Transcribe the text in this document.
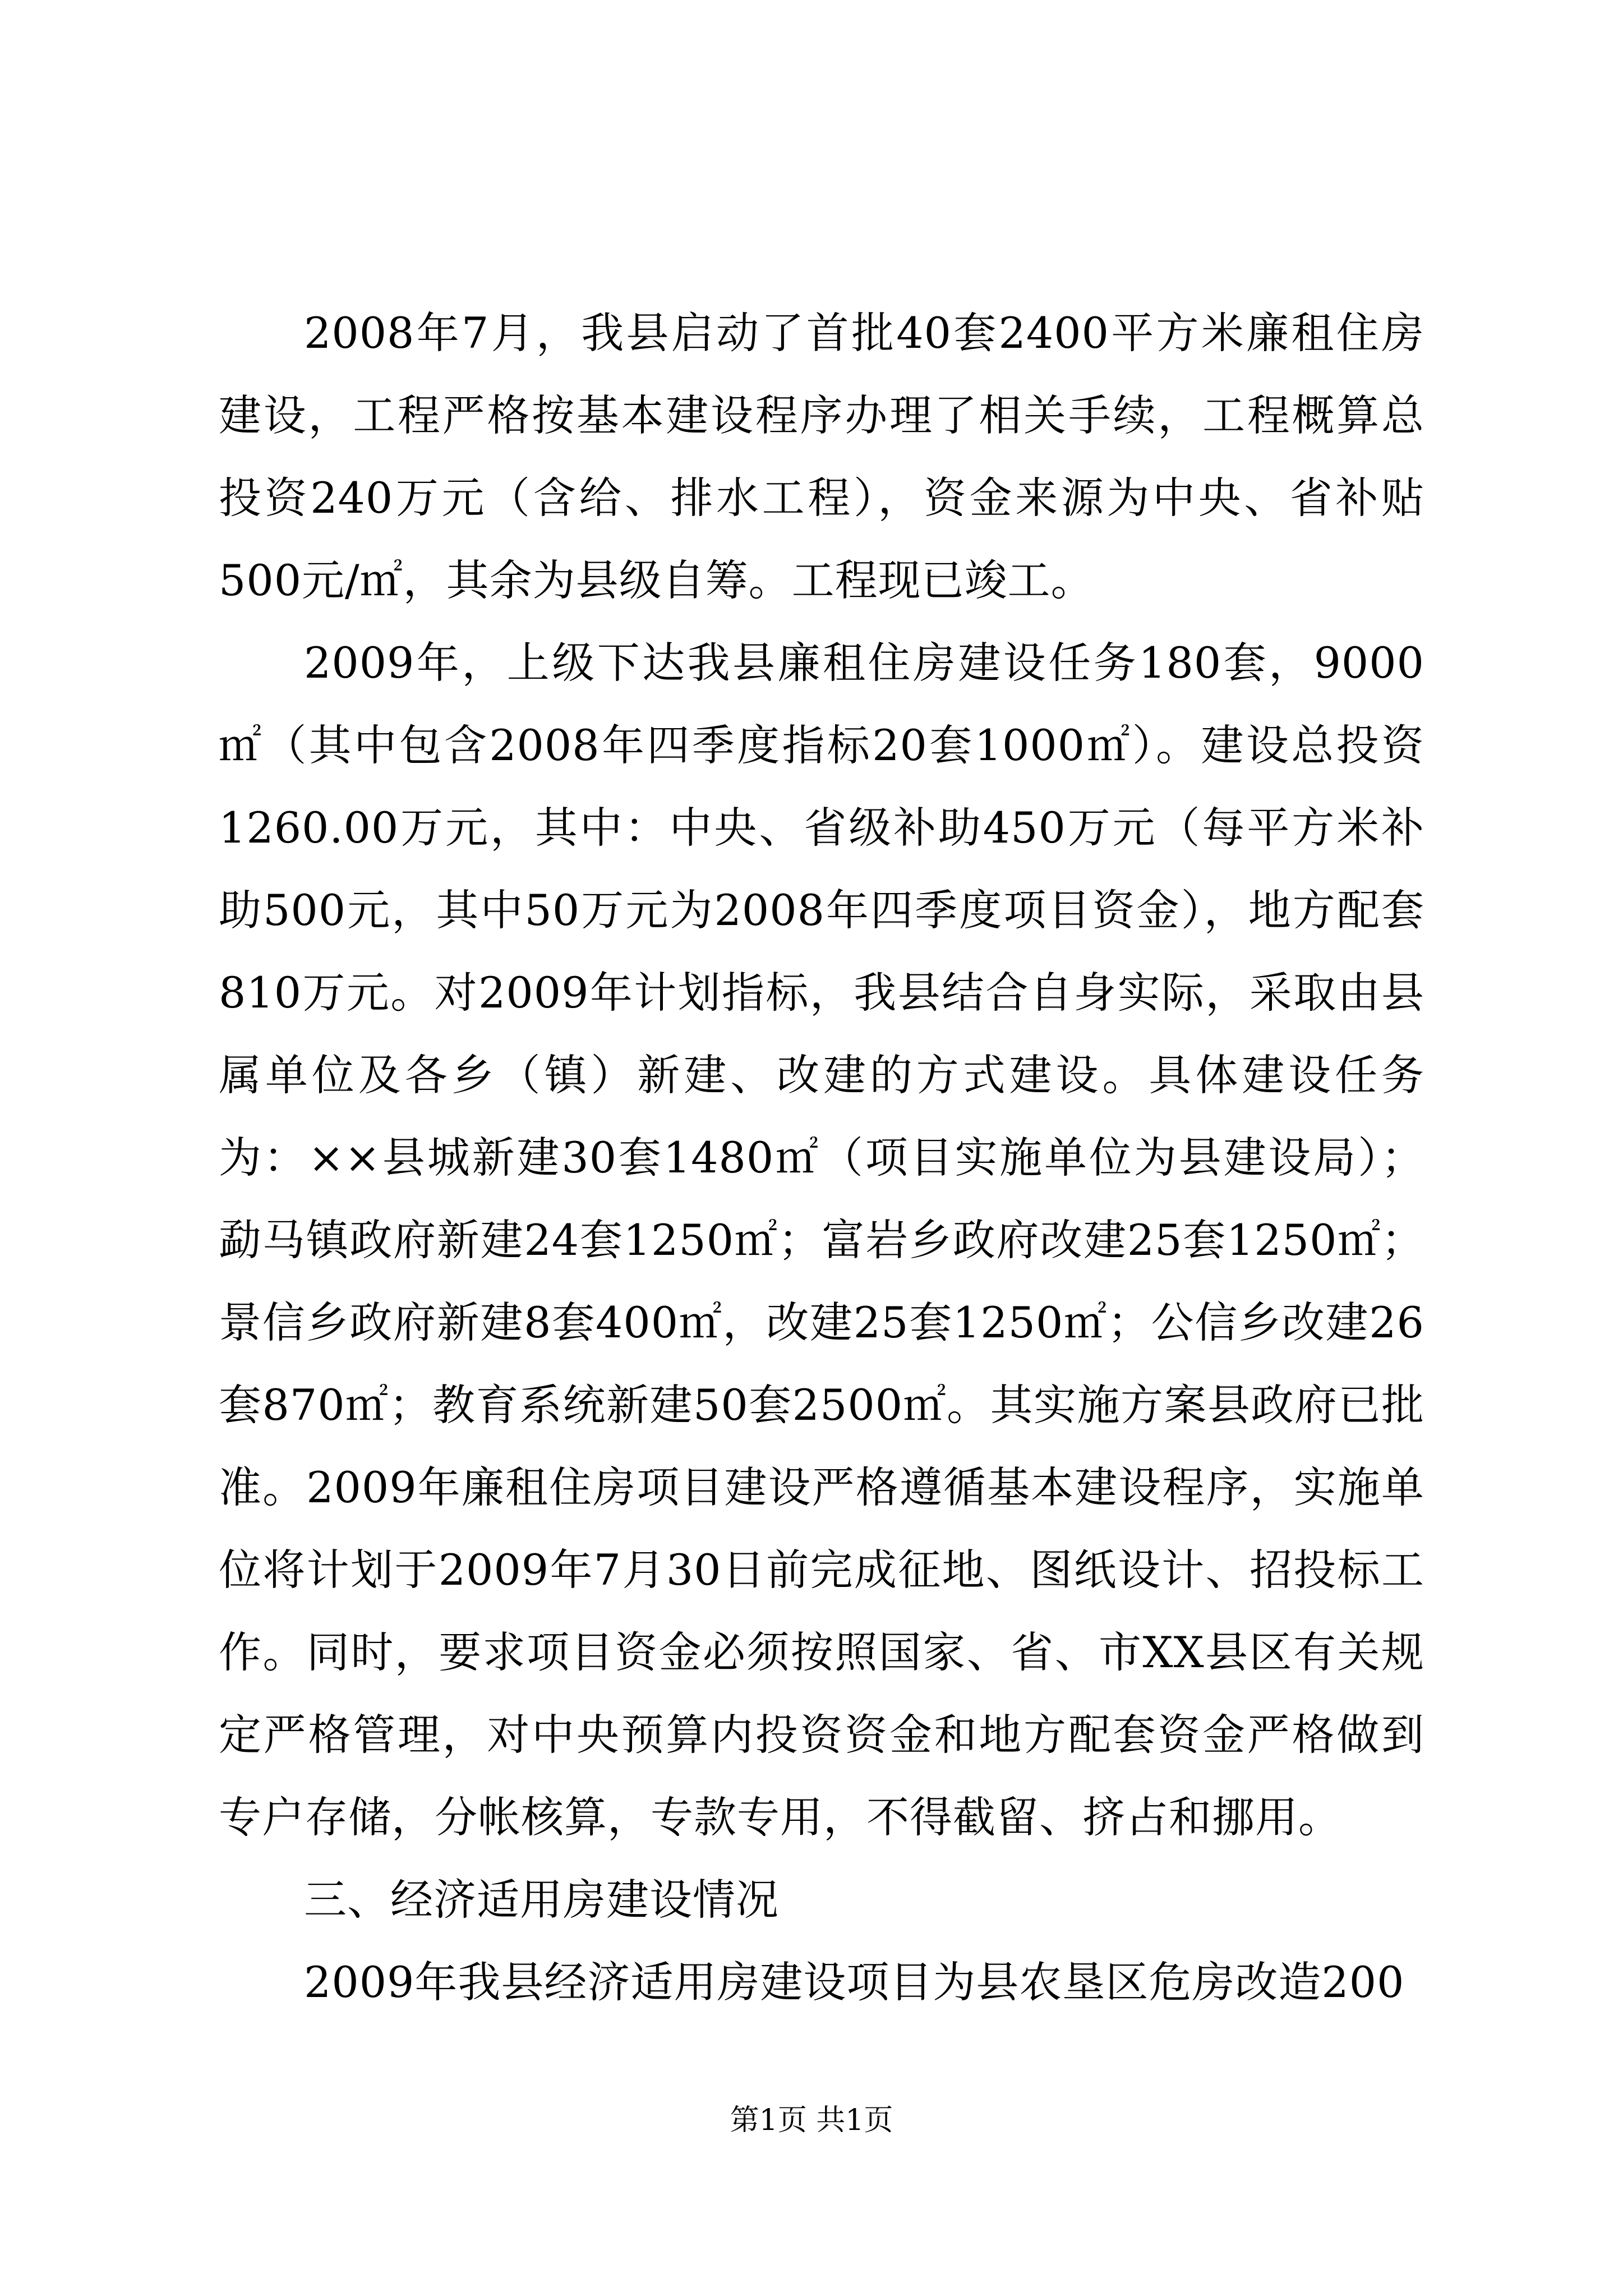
2008年7月，我县启动了首批40套2400平方米廉租住房建设，工程严格按基本建设程序办理了相关手续，工程概算总投资240万元（含给、排水工程），资金来源为中央、省补贴500元/㎡，其余为县级自筹。工程现已竣工。

2009年，上级下达我县廉租住房建设任务180套，9000㎡（其中包含2008年四季度指标20套1000㎡）。建设总投资1260.00万元，其中：中央、省级补助450万元（每平方米补助500元，其中50万元为2008年四季度项目资金），地方配套810万元。对2009年计划指标，我县结合自身实际，采取由县属单位及各乡（镇）新建、改建的方式建设。具体建设任务为：××县城新建30套1480㎡（项目实施单位为县建设局）；勐马镇政府新建24套1250㎡；富岩乡政府改建25套1250㎡；景信乡政府新建8套400㎡，改建25套1250㎡；公信乡改建26套870㎡；教育系统新建50套2500㎡。其实施方案县政府已批准。2009年廉租住房项目建设严格遵循基本建设程序，实施单位将计划于2009年7月30日前完成征地、图纸设计、招投标工作。同时，要求项目资金必须按照国家、省、市XX县区有关规定严格管理，对中央预算内投资资金和地方配套资金严格做到专户存储，分帐核算，专款专用，不得截留、挤占和挪用。

三、经济适用房建设情况

2009年我县经济适用房建设项目为县农垦区危房改造200

第1页 共1页
